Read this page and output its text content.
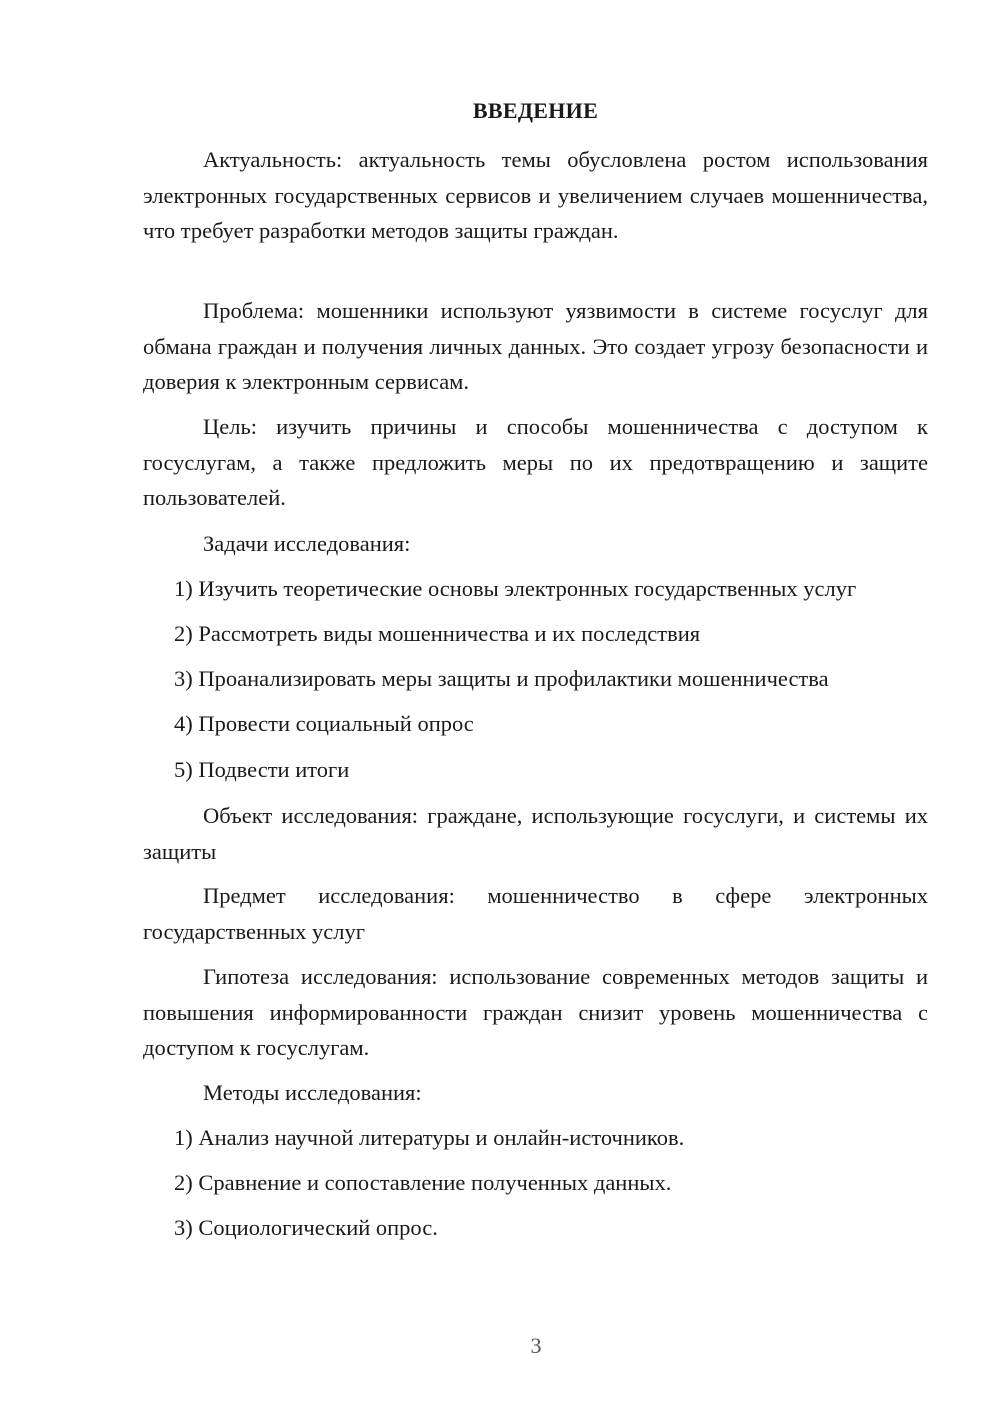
ВВЕДЕНИЕ

Актуальность: актуальность темы обусловлена ростом использования электронных государственных сервисов и увеличением случаев мошенничества, что требует разработки методов защиты граждан.

Проблема: мошенники используют уязвимости в системе госуслуг для обмана граждан и получения личных данных. Это создает угрозу безопасности и доверия к электронным сервисам.

Цель: изучить причины и способы мошенничества с доступом к госуслугам, а также предложить меры по их предотвращению и защите пользователей.

Задачи исследования:
1) Изучить теоретические основы электронных государственных услуг
2) Рассмотреть виды мошенничества и их последствия
3) Проанализировать меры защиты и профилактики мошенничества
4) Провести социальный опрос
5) Подвести итоги

Объект исследования: граждане, использующие госуслуги, и системы их защиты

Предмет исследования: мошенничество в сфере электронных государственных услуг

Гипотеза исследования: использование современных методов защиты и повышения информированности граждан снизит уровень мошенничества с доступом к госуслугам.

Методы исследования:
1) Анализ научной литературы и онлайн-источников.
2) Сравнение и сопоставление полученных данных.
3) Социологический опрос.
3
